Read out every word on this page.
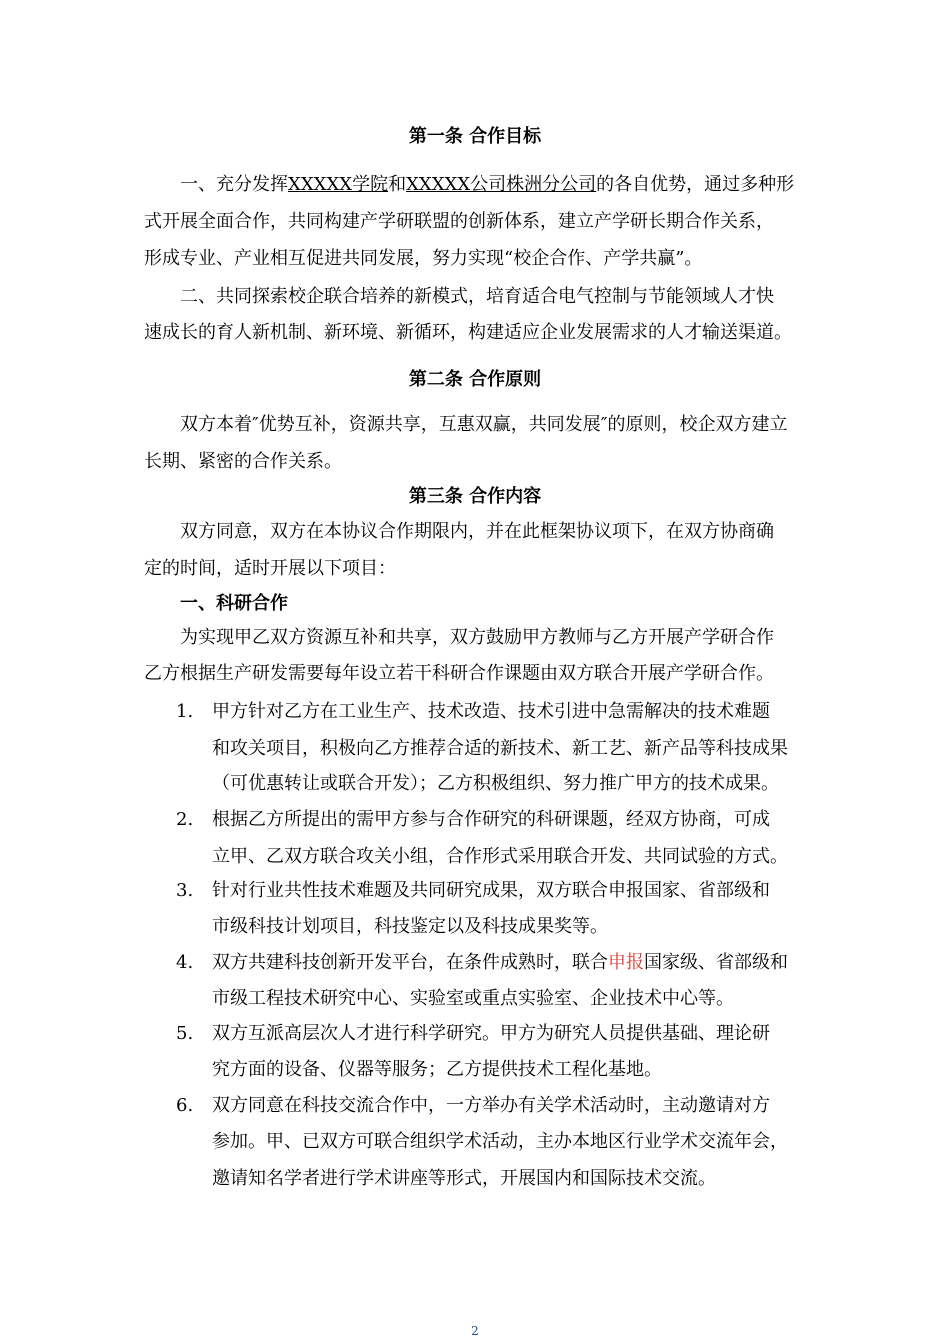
第一条 合作目标
一、充分发挥XXXXX学院和XXXXX公司株洲分公司的各自优势，通过多种形
式开展全面合作，共同构建产学研联盟的创新体系，建立产学研长期合作关系，
形成专业、产业相互促进共同发展，努力实现“校企合作、产学共赢”。
二、共同探索校企联合培养的新模式，培育适合电气控制与节能领域人才快
速成长的育人新机制、新环境、新循环，构建适应企业发展需求的人才输送渠道。
第二条 合作原则
双方本着″优势互补，资源共享，互惠双赢，共同发展″的原则，校企双方建立
长期、紧密的合作关系。
第三条 合作内容
双方同意，双方在本协议合作期限内，并在此框架协议项下，在双方协商确
定的时间，适时开展以下项目：
一、科研合作
为实现甲乙双方资源互补和共享，双方鼓励甲方教师与乙方开展产学研合作
乙方根据生产研发需要每年设立若干科研合作课题由双方联合开展产学研合作。
1. 甲方针对乙方在工业生产、技术改造、技术引进中急需解决的技术难题
和攻关项目，积极向乙方推荐合适的新技术、新工艺、新产品等科技成果
（可优惠转让或联合开发）；乙方积极组织、努力推广甲方的技术成果。
2. 根据乙方所提出的需甲方参与合作研究的科研课题，经双方协商，可成
立甲、乙双方联合攻关小组，合作形式采用联合开发、共同试验的方式。
3. 针对行业共性技术难题及共同研究成果，双方联合申报国家、省部级和
市级科技计划项目，科技鉴定以及科技成果奖等。
4. 双方共建科技创新开发平台，在条件成熟时，联合申报国家级、省部级和
市级工程技术研究中心、实验室或重点实验室、企业技术中心等。
5. 双方互派高层次人才进行科学研究。甲方为研究人员提供基础、理论研
究方面的设备、仪器等服务；乙方提供技术工程化基地。
6. 双方同意在科技交流合作中，一方举办有关学术活动时，主动邀请对方
参加。甲、已双方可联合组织学术活动，主办本地区行业学术交流年会，
邀请知名学者进行学术讲座等形式，开展国内和国际技术交流。
2
